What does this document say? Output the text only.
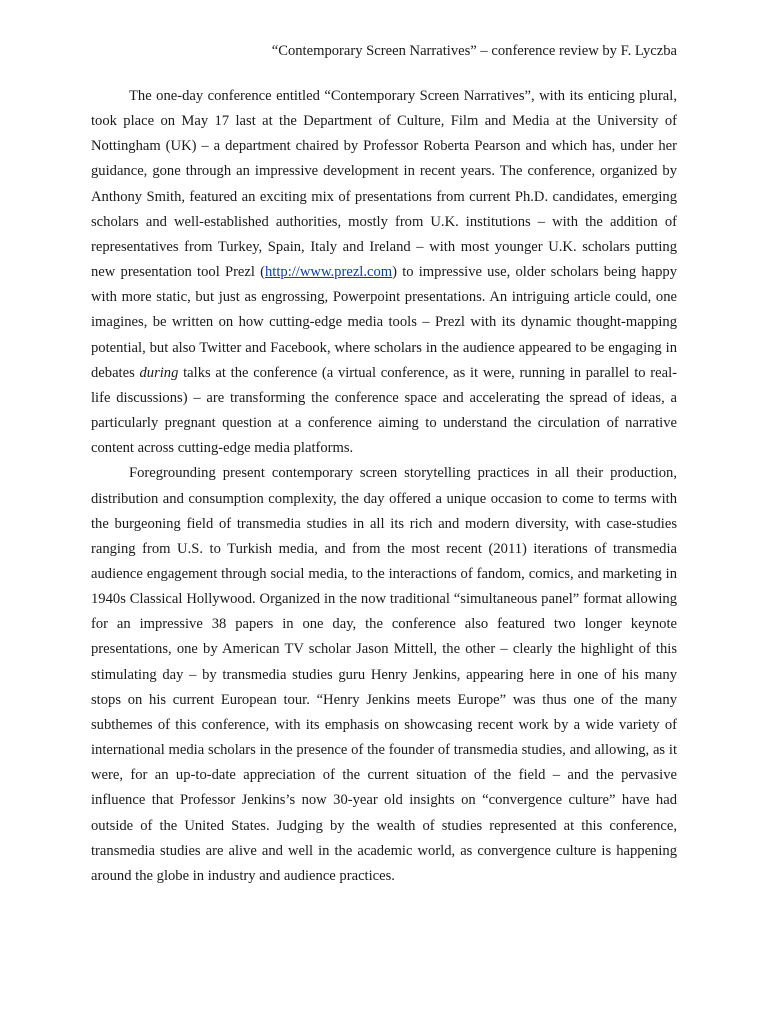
“Contemporary Screen Narratives” – conference review by F. Lyczba

The one-day conference entitled “Contemporary Screen Narratives”, with its enticing plural, took place on May 17 last at the Department of Culture, Film and Media at the University of Nottingham (UK) – a department chaired by Professor Roberta Pearson and which has, under her guidance, gone through an impressive development in recent years. The conference, organized by Anthony Smith, featured an exciting mix of presentations from current Ph.D. candidates, emerging scholars and well-established authorities, mostly from U.K. institutions – with the addition of representatives from Turkey, Spain, Italy and Ireland – with most younger U.K. scholars putting new presentation tool Prezl (http://www.prezl.com) to impressive use, older scholars being happy with more static, but just as engrossing, Powerpoint presentations. An intriguing article could, one imagines, be written on how cutting-edge media tools – Prezl with its dynamic thought-mapping potential, but also Twitter and Facebook, where scholars in the audience appeared to be engaging in debates during talks at the conference (a virtual conference, as it were, running in parallel to real-life discussions) – are transforming the conference space and accelerating the spread of ideas, a particularly pregnant question at a conference aiming to understand the circulation of narrative content across cutting-edge media platforms.

Foregrounding present contemporary screen storytelling practices in all their production, distribution and consumption complexity, the day offered a unique occasion to come to terms with the burgeoning field of transmedia studies in all its rich and modern diversity, with case-studies ranging from U.S. to Turkish media, and from the most recent (2011) iterations of transmedia audience engagement through social media, to the interactions of fandom, comics, and marketing in 1940s Classical Hollywood. Organized in the now traditional “simultaneous panel” format allowing for an impressive 38 papers in one day, the conference also featured two longer keynote presentations, one by American TV scholar Jason Mittell, the other – clearly the highlight of this stimulating day – by transmedia studies guru Henry Jenkins, appearing here in one of his many stops on his current European tour. “Henry Jenkins meets Europe” was thus one of the many subthemes of this conference, with its emphasis on showcasing recent work by a wide variety of international media scholars in the presence of the founder of transmedia studies, and allowing, as it were, for an up-to-date appreciation of the current situation of the field – and the pervasive influence that Professor Jenkins’s now 30-year old insights on “convergence culture” have had outside of the United States. Judging by the wealth of studies represented at this conference, transmedia studies are alive and well in the academic world, as convergence culture is happening around the globe in industry and audience practices.
